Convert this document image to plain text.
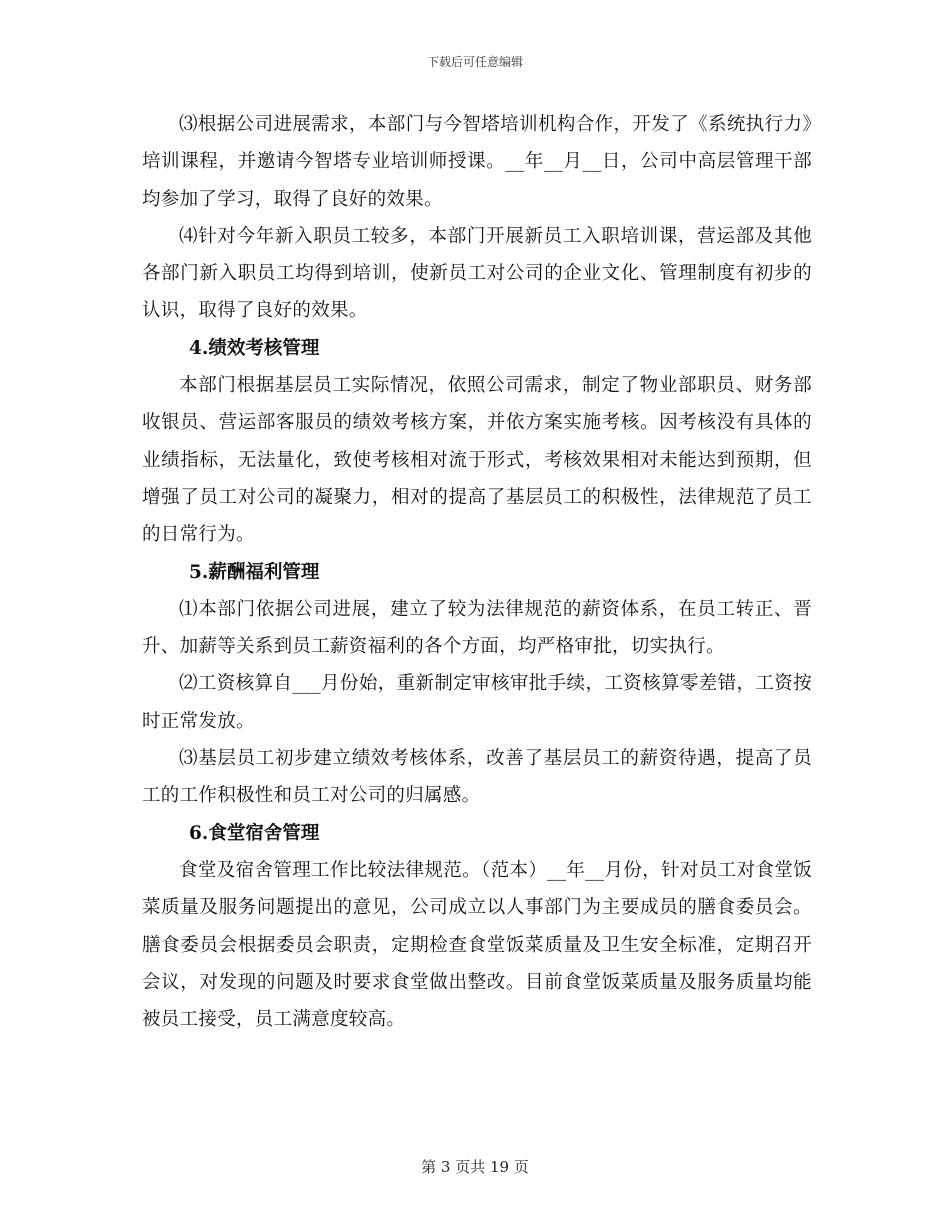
下载后可任意编辑

⑶根据公司进展需求，本部门与今智塔培训机构合作，开发了《系统执行力》培训课程，并邀请今智塔专业培训师授课。__年__月__日，公司中高层管理干部均参加了学习，取得了良好的效果。

⑷针对今年新入职员工较多，本部门开展新员工入职培训课，营运部及其他各部门新入职员工均得到培训，使新员工对公司的企业文化、管理制度有初步的认识，取得了良好的效果。

4.绩效考核管理

本部门根据基层员工实际情况，依照公司需求，制定了物业部职员、财务部收银员、营运部客服员的绩效考核方案，并依方案实施考核。因考核没有具体的业绩指标，无法量化，致使考核相对流于形式，考核效果相对未能达到预期，但增强了员工对公司的凝聚力，相对的提高了基层员工的积极性，法律规范了员工的日常行为。

5.薪酬福利管理

⑴本部门依据公司进展，建立了较为法律规范的薪资体系，在员工转正、晋升、加薪等关系到员工薪资福利的各个方面，均严格审批，切实执行。

⑵工资核算自___月份始，重新制定审核审批手续，工资核算零差错，工资按时正常发放。

⑶基层员工初步建立绩效考核体系，改善了基层员工的薪资待遇，提高了员工的工作积极性和员工对公司的归属感。

6.食堂宿舍管理

食堂及宿舍管理工作比较法律规范。（范本）__年__月份，针对员工对食堂饭菜质量及服务问题提出的意见，公司成立以人事部门为主要成员的膳食委员会。膳食委员会根据委员会职责，定期检查食堂饭菜质量及卫生安全标准，定期召开会议，对发现的问题及时要求食堂做出整改。目前食堂饭菜质量及服务质量均能被员工接受，员工满意度较高。

第 3 页共 19 页
